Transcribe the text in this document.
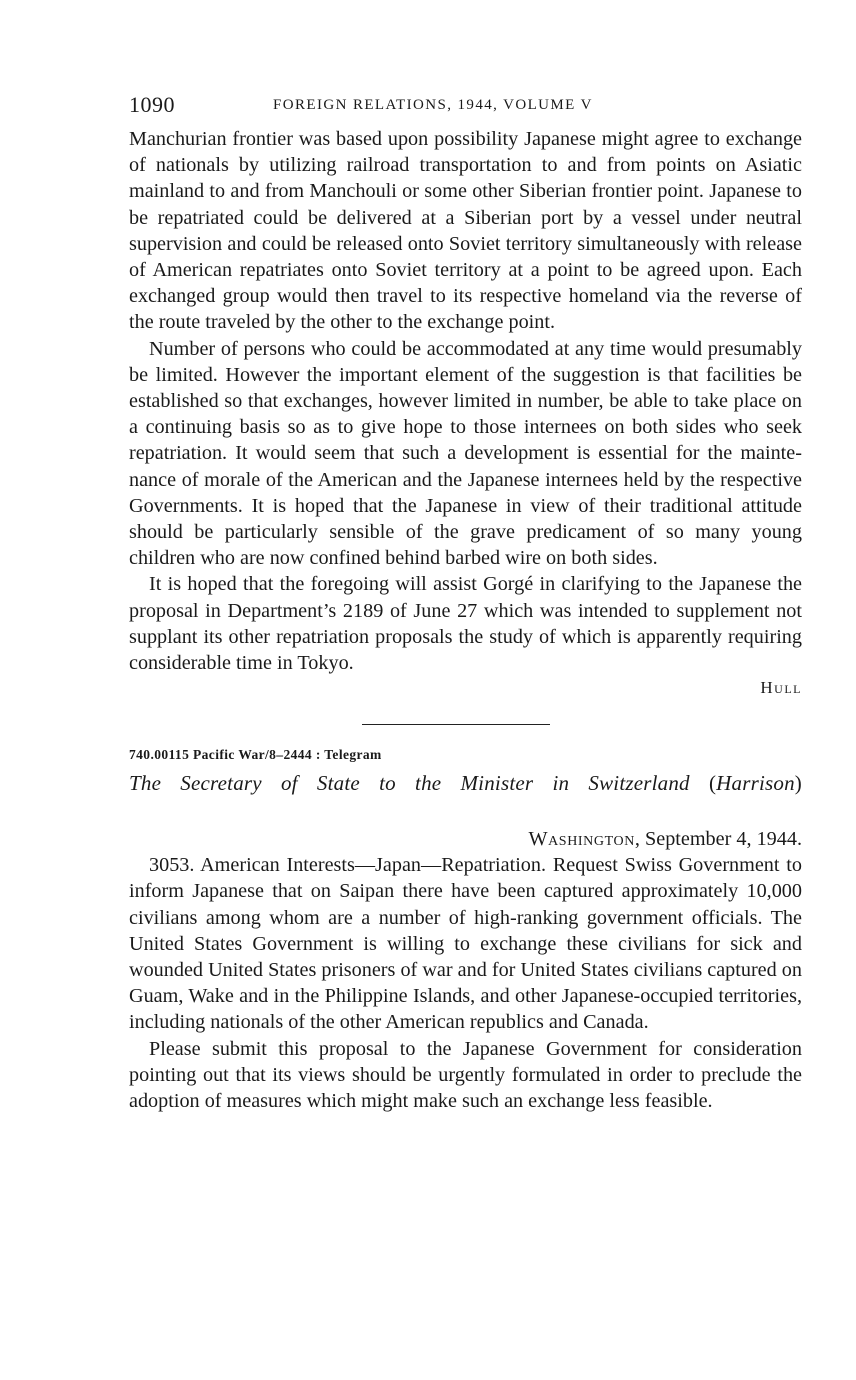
1090	FOREIGN RELATIONS, 1944, VOLUME V

Manchurian frontier was based upon possibility Japanese might agree to exchange of nationals by utilizing railroad transportation to and from points on Asiatic mainland to and from Manchouli or some other Siberian frontier point. Japanese to be repatriated could be delivered at a Siberian port by a vessel under neutral supervision and could be released onto Soviet territory simultaneously with release of American repatriates onto Soviet territory at a point to be agreed upon. Each exchanged group would then travel to its respective homeland via the reverse of the route traveled by the other to the exchange point.

Number of persons who could be accommodated at any time would presumably be limited. However the important element of the suggestion is that facilities be established so that exchanges, however limited in number, be able to take place on a continuing basis so as to give hope to those internees on both sides who seek repatriation. It would seem that such a development is essential for the maintenance of morale of the American and the Japanese internees held by the respective Governments. It is hoped that the Japanese in view of their traditional attitude should be particularly sensible of the grave predicament of so many young children who are now confined behind barbed wire on both sides.

It is hoped that the foregoing will assist Gorgé in clarifying to the Japanese the proposal in Department’s 2189 of June 27 which was intended to supplement not supplant its other repatriation proposals the study of which is apparently requiring considerable time in Tokyo.

Hull

740.00115 Pacific War/8–2444 : Telegram
The Secretary of State to the Minister in Switzerland (Harrison)
Washington, September 4, 1944.

3053. American Interests—Japan—Repatriation. Request Swiss Government to inform Japanese that on Saipan there have been captured approximately 10,000 civilians among whom are a number of high-ranking government officials. The United States Government is willing to exchange these civilians for sick and wounded United States prisoners of war and for United States civilians captured on Guam, Wake and in the Philippine Islands, and other Japanese-occupied territories, including nationals of the other American republics and Canada.

Please submit this proposal to the Japanese Government for consideration pointing out that its views should be urgently formulated in order to preclude the adoption of measures which might make such an exchange less feasible.
